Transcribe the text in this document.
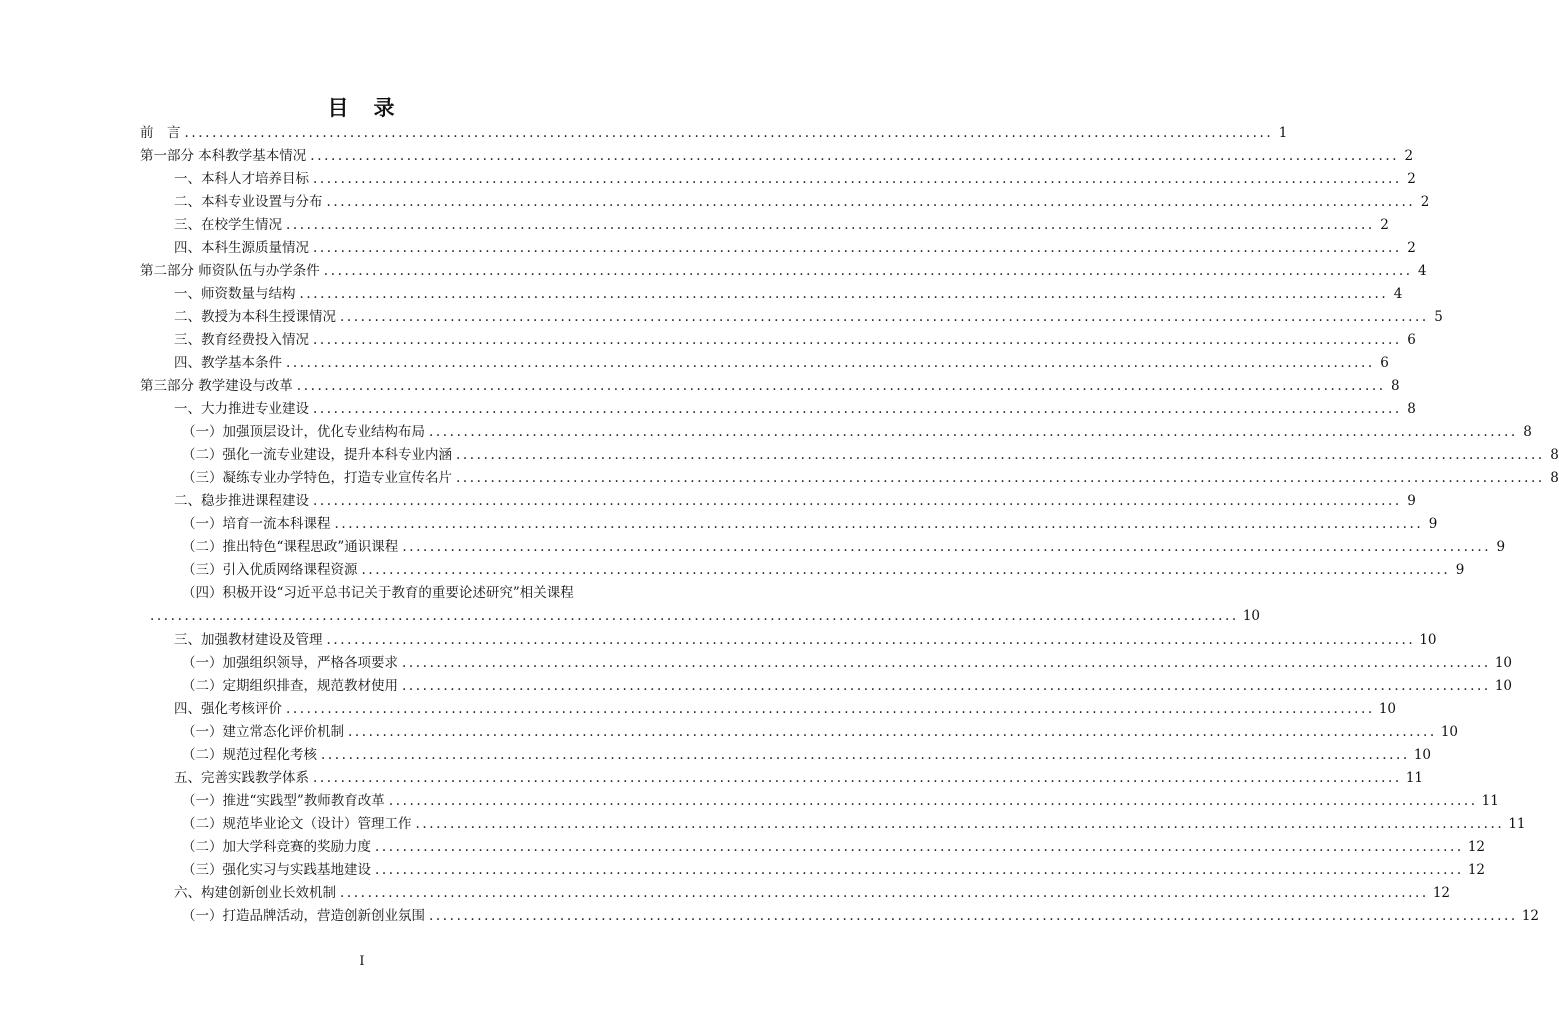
目　录
前　言 .............................................................................................................................................................. 1
第一部分 本科教学基本情况 .............................................................................................................................................................. 2
一、本科人才培养目标 .............................................................................................................................................................. 2
二、本科专业设置与分布 .............................................................................................................................................................. 2
三、在校学生情况 .............................................................................................................................................................. 2
四、本科生源质量情况 .............................................................................................................................................................. 2
第二部分 师资队伍与办学条件 .............................................................................................................................................................. 4
一、师资数量与结构 .............................................................................................................................................................. 4
二、教授为本科生授课情况 .............................................................................................................................................................. 5
三、教育经费投入情况 .............................................................................................................................................................. 6
四、教学基本条件 .............................................................................................................................................................. 6
第三部分 教学建设与改革 .............................................................................................................................................................. 8
一、大力推进专业建设 .............................................................................................................................................................. 8
（一）加强顶层设计，优化专业结构布局 .............................................................................................................................................................. 8
（二）强化一流专业建设，提升本科专业内涵 .............................................................................................................................................................. 8
（三）凝练专业办学特色，打造专业宣传名片 .............................................................................................................................................................. 8
二、稳步推进课程建设 .............................................................................................................................................................. 9
（一）培育一流本科课程 .............................................................................................................................................................. 9
（二）推出特色“课程思政”通识课程 .............................................................................................................................................................. 9
（三）引入优质网络课程资源 .............................................................................................................................................................. 9
（四）积极开设“习近平总书记关于教育的重要论述研究”相关课程
.............................................................................................................................................................. 10
三、加强教材建设及管理 .............................................................................................................................................................. 10
（一）加强组织领导，严格各项要求 .............................................................................................................................................................. 10
（二）定期组织排查，规范教材使用 .............................................................................................................................................................. 10
四、强化考核评价 .............................................................................................................................................................. 10
（一）建立常态化评价机制 .............................................................................................................................................................. 10
（二）规范过程化考核 .............................................................................................................................................................. 10
五、完善实践教学体系 .............................................................................................................................................................. 11
（一）推进“实践型”教师教育改革 .............................................................................................................................................................. 11
（二）规范毕业论文（设计）管理工作 .............................................................................................................................................................. 11
（二）加大学科竞赛的奖励力度 .............................................................................................................................................................. 12
（三）强化实习与实践基地建设 .............................................................................................................................................................. 12
六、构建创新创业长效机制 .............................................................................................................................................................. 12
（一）打造品牌活动，营造创新创业氛围 .............................................................................................................................................................. 12
I
